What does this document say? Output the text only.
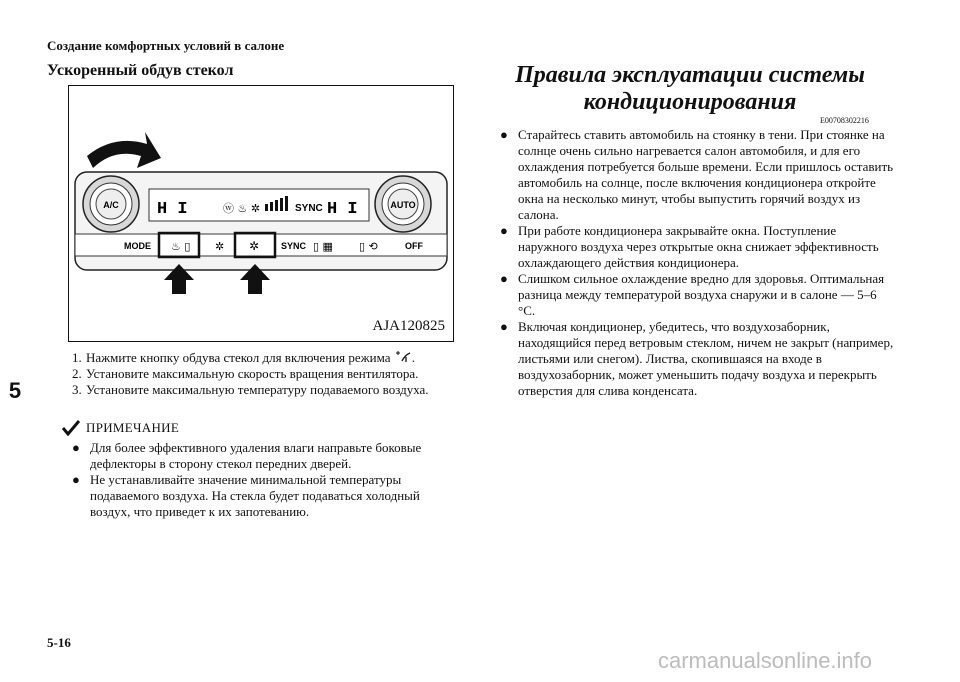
Создание комфортных условий в салоне
Ускоренный обдув стекол
H I	ⓦ ♨ ✲	SYNC H I
A/C	AUTO
MODE ♨ ▯ ✲ ✲ SYNC ▯ ▦ ▯ ⟲	OFF
AJA120825
1. Нажмите кнопку обдува стекол для включения режима .
2. Установите максимальную скорость вращения вентилятора.
3. Установите максимальную температуру подаваемого воздуха.
ПРИМЕЧАНИЕ
● Для более эффективного удаления влаги направьте боковые дефлекторы в сторону стекол передних дверей.
● Не устанавливайте значение минимальной температуры подаваемого воздуха. На стекла будет подаваться холодный воздух, что приведет к их запотеванию.
Правила эксплуатации системы кондиционирования
E00708302216
● Старайтесь ставить автомобиль на стоянку в тени. При стоянке на солнце очень сильно нагревается салон автомобиля, и для его охлаждения потребуется больше времени. Если пришлось оставить автомобиль на солнце, после включения кондиционера откройте окна на несколько минут, чтобы выпустить горячий воздух из салона.
● При работе кондиционера закрывайте окна. Поступление наружного воздуха через открытые окна снижает эффективность охлаждающего действия кондиционера.
● Слишком сильное охлаждение вредно для здоровья. Оптимальная разница между температурой воздуха снаружи и в салоне — 5–6 °C.
● Включая кондиционер, убедитесь, что воздухозаборник, находящийся перед ветровым стеклом, ничем не закрыт (например, листьями или снегом). Листва, скопившаяся на входе в воздухозаборник, может уменьшить подачу воздуха и перекрыть отверстия для слива конденсата.
5
5-16
carmanualsonline.info
